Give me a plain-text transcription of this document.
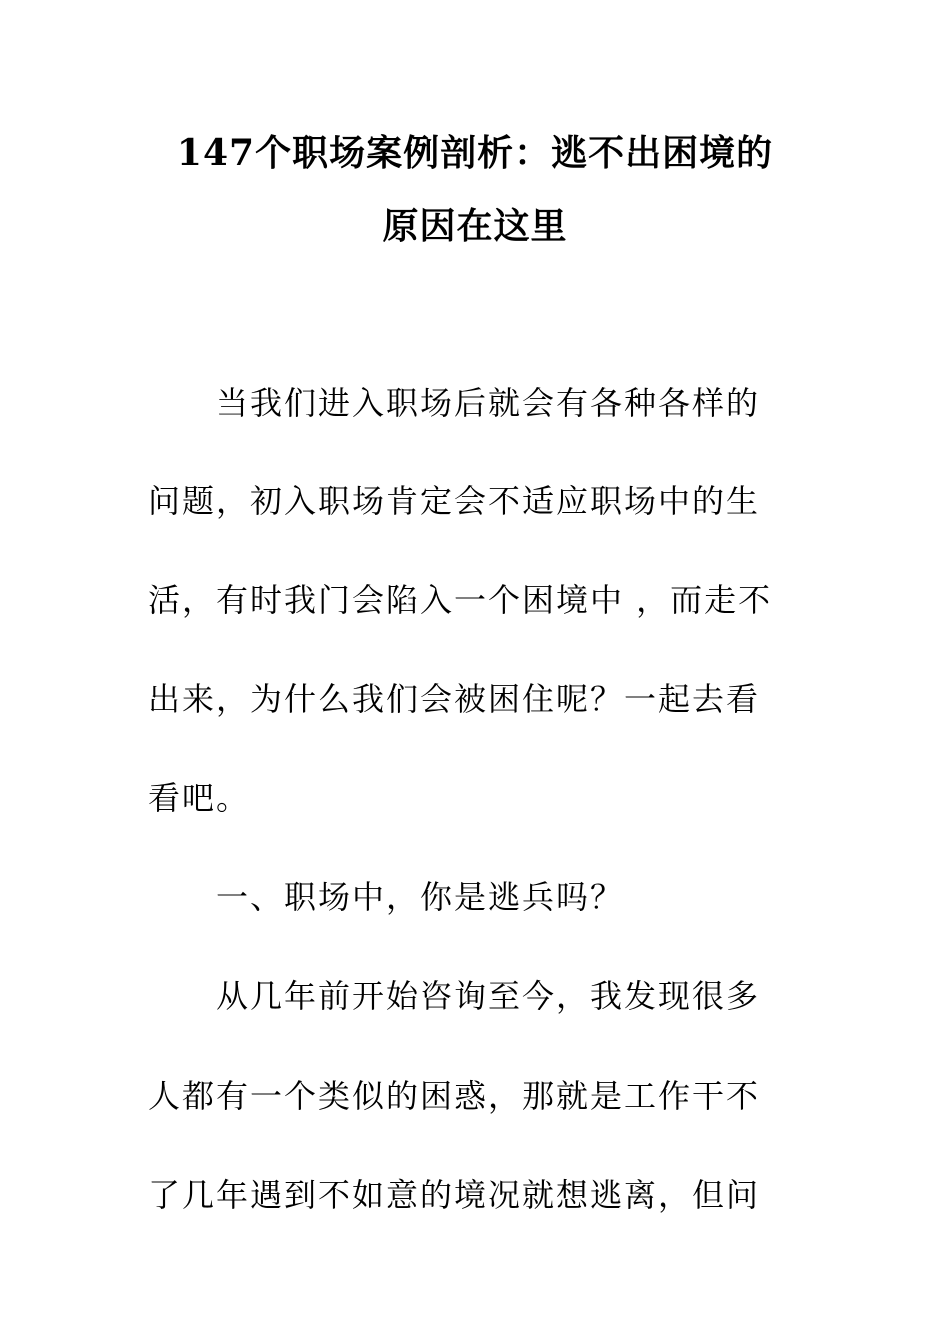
147个职场案例剖析：逃不出困境的
原因在这里
当我们进入职场后就会有各种各样的
问题，初入职场肯定会不适应职场中的生
活，有时我门会陷入一个困境中 ，而走不
出来，为什么我们会被困住呢？一起去看
看吧。
一、职场中，你是逃兵吗？
从几年前开始咨询至今，我发现很多
人都有一个类似的困惑，那就是工作干不
了几年遇到不如意的境况就想逃离，但问
